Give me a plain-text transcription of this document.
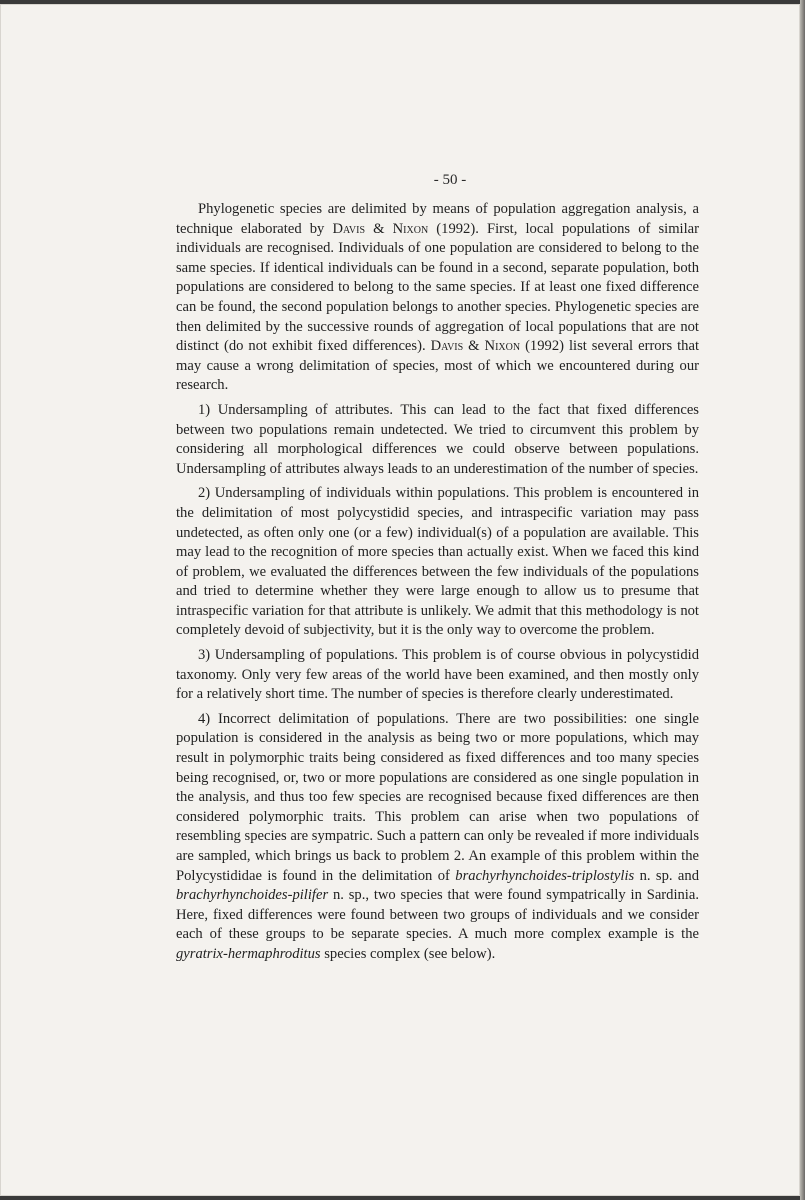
- 50 -

Phylogenetic species are delimited by means of population aggregation analysis, a technique elaborated by Davis & Nixon (1992). First, local populations of similar individuals are recognised. Individuals of one population are considered to belong to the same species. If identical individuals can be found in a second, separate population, both populations are considered to belong to the same species. If at least one fixed difference can be found, the second population belongs to another species. Phylogenetic species are then delimited by the successive rounds of aggregation of local populations that are not distinct (do not exhibit fixed differences). Davis & Nixon (1992) list several errors that may cause a wrong delimitation of species, most of which we encountered during our research.

1) Undersampling of attributes. This can lead to the fact that fixed differences between two populations remain undetected. We tried to circumvent this problem by considering all morphological differences we could observe between populations. Undersampling of attributes always leads to an underestimation of the number of species.

2) Undersampling of individuals within populations. This problem is encountered in the delimitation of most polycystidid species, and intraspecific variation may pass undetected, as often only one (or a few) individual(s) of a population are available. This may lead to the recognition of more species than actually exist. When we faced this kind of problem, we evaluated the differences between the few individuals of the populations and tried to determine whether they were large enough to allow us to presume that intraspecific variation for that attribute is unlikely. We admit that this methodology is not completely devoid of subjectivity, but it is the only way to overcome the problem.

3) Undersampling of populations. This problem is of course obvious in polycystidid taxonomy. Only very few areas of the world have been examined, and then mostly only for a relatively short time. The number of species is therefore clearly underestimated.

4) Incorrect delimitation of populations. There are two possibilities: one single population is considered in the analysis as being two or more populations, which may result in polymorphic traits being considered as fixed differences and too many species being recognised, or, two or more populations are considered as one single population in the analysis, and thus too few species are recognised because fixed differences are then considered polymorphic traits. This problem can arise when two populations of resembling species are sympatric. Such a pattern can only be revealed if more individuals are sampled, which brings us back to problem 2. An example of this problem within the Polycystididae is found in the delimitation of brachyrhynchoides-triplostylis n. sp. and brachyrhynchoides-pilifer n. sp., two species that were found sympatrically in Sardinia. Here, fixed differences were found between two groups of individuals and we consider each of these groups to be separate species. A much more complex example is the gyratrix-hermaphroditus species complex (see below).
